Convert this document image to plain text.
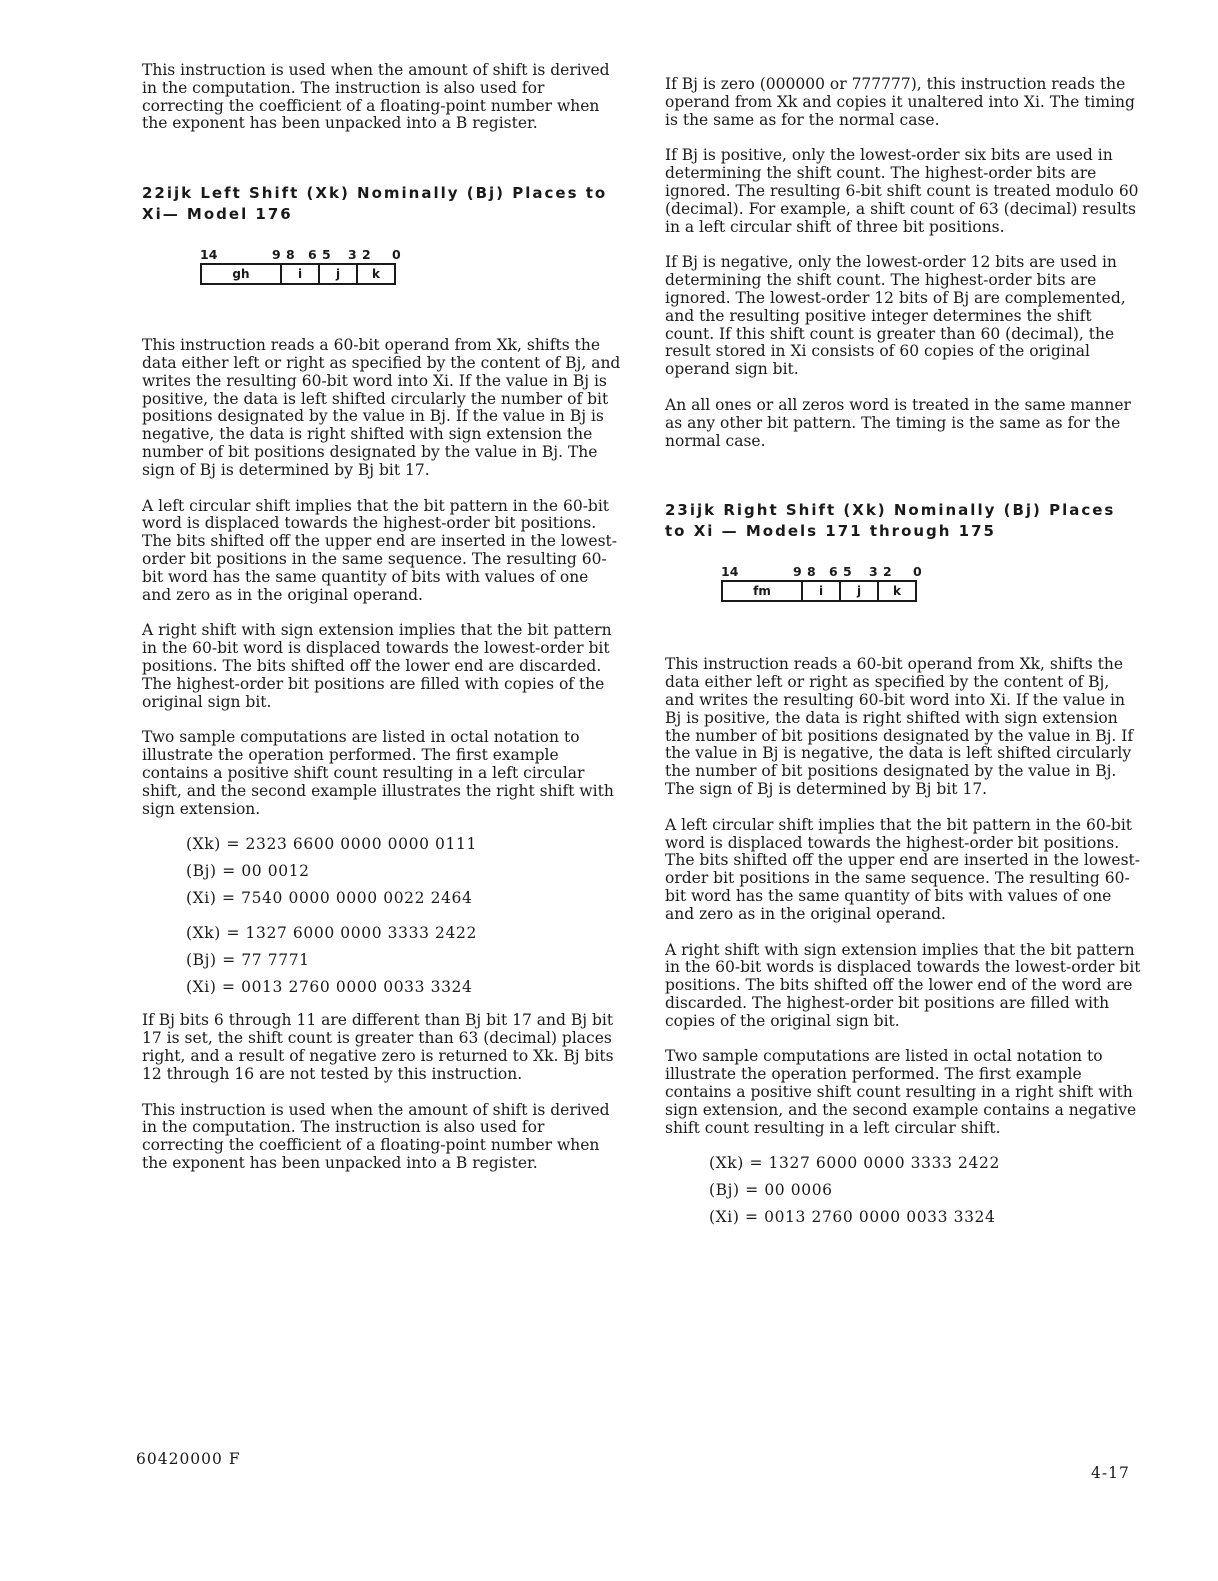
This instruction is used when the amount of shift is derived in the computation. The instruction is also used for correcting the coefficient of a floating-point number when the exponent has been unpacked into a B register.

22ijk Left Shift (Xk) Nominally (Bj) Places to Xi— Model 176
14	9 8 6 5 3 2 0
gh	i	j	k

This instruction reads a 60-bit operand from Xk, shifts the data either left or right as specified by the content of Bj, and writes the resulting 60-bit word into Xi. If the value in Bj is positive, the data is left shifted circularly the number of bit positions designated by the value in Bj. If the value in Bj is negative, the data is right shifted with sign extension the number of bit positions designated by the value in Bj. The sign of Bj is determined by Bj bit 17.

A left circular shift implies that the bit pattern in the 60-bit word is displaced towards the highest-order bit positions. The bits shifted off the upper end are inserted in the lowest-order bit positions in the same sequence. The resulting 60-bit word has the same quantity of bits with values of one and zero as in the original operand.

A right shift with sign extension implies that the bit pattern in the 60-bit word is displaced towards the lowest-order bit positions. The bits shifted off the lower end are discarded. The highest-order bit positions are filled with copies of the original sign bit.

Two sample computations are listed in octal notation to illustrate the operation performed. The first example contains a positive shift count resulting in a left circular shift, and the second example illustrates the right shift with sign extension.

(Xk) = 2323 6600 0000 0000 0111
(Bj) = 00 0012
(Xi) = 7540 0000 0000 0022 2464
(Xk) = 1327 6000 0000 3333 2422
(Bj) = 77 7771
(Xi) = 0013 2760 0000 0033 3324

If Bj bits 6 through 11 are different than Bj bit 17 and Bj bit 17 is set, the shift count is greater than 63 (decimal) places right, and a result of negative zero is returned to Xk. Bj bits 12 through 16 are not tested by this instruction.

This instruction is used when the amount of shift is derived in the computation. The instruction is also used for correcting the coefficient of a floating-point number when the exponent has been unpacked into a B register.

If Bj is zero (000000 or 777777), this instruction reads the operand from Xk and copies it unaltered into Xi. The timing is the same as for the normal case.

If Bj is positive, only the lowest-order six bits are used in determining the shift count. The highest-order bits are ignored. The resulting 6-bit shift count is treated modulo 60 (decimal). For example, a shift count of 63 (decimal) results in a left circular shift of three bit positions.

If Bj is negative, only the lowest-order 12 bits are used in determining the shift count. The highest-order bits are ignored. The lowest-order 12 bits of Bj are complemented, and the resulting positive integer determines the shift count. If this shift count is greater than 60 (decimal), the result stored in Xi consists of 60 copies of the original operand sign bit.

An all ones or all zeros word is treated in the same manner as any other bit pattern. The timing is the same as for the normal case.

23ijk Right Shift (Xk) Nominally (Bj) Places to Xi — Models 171 through 175
14	9 8 6 5 3 2 0
fm	i	j	k

This instruction reads a 60-bit operand from Xk, shifts the data either left or right as specified by the content of Bj, and writes the resulting 60-bit word into Xi. If the value in Bj is positive, the data is right shifted with sign extension the number of bit positions designated by the value in Bj. If the value in Bj is negative, the data is left shifted circularly the number of bit positions designated by the value in Bj. The sign of Bj is determined by Bj bit 17.

A left circular shift implies that the bit pattern in the 60-bit word is displaced towards the highest-order bit positions. The bits shifted off the upper end are inserted in the lowest-order bit positions in the same sequence. The resulting 60-bit word has the same quantity of bits with values of one and zero as in the original operand.

A right shift with sign extension implies that the bit pattern in the 60-bit words is displaced towards the lowest-order bit positions. The bits shifted off the lower end of the word are discarded. The highest-order bit positions are filled with copies of the original sign bit.

Two sample computations are listed in octal notation to illustrate the operation performed. The first example contains a positive shift count resulting in a right shift with sign extension, and the second example contains a negative shift count resulting in a left circular shift.

(Xk) = 1327 6000 0000 3333 2422
(Bj) = 00 0006
(Xi) = 0013 2760 0000 0033 3324
60420000 F
4-17
